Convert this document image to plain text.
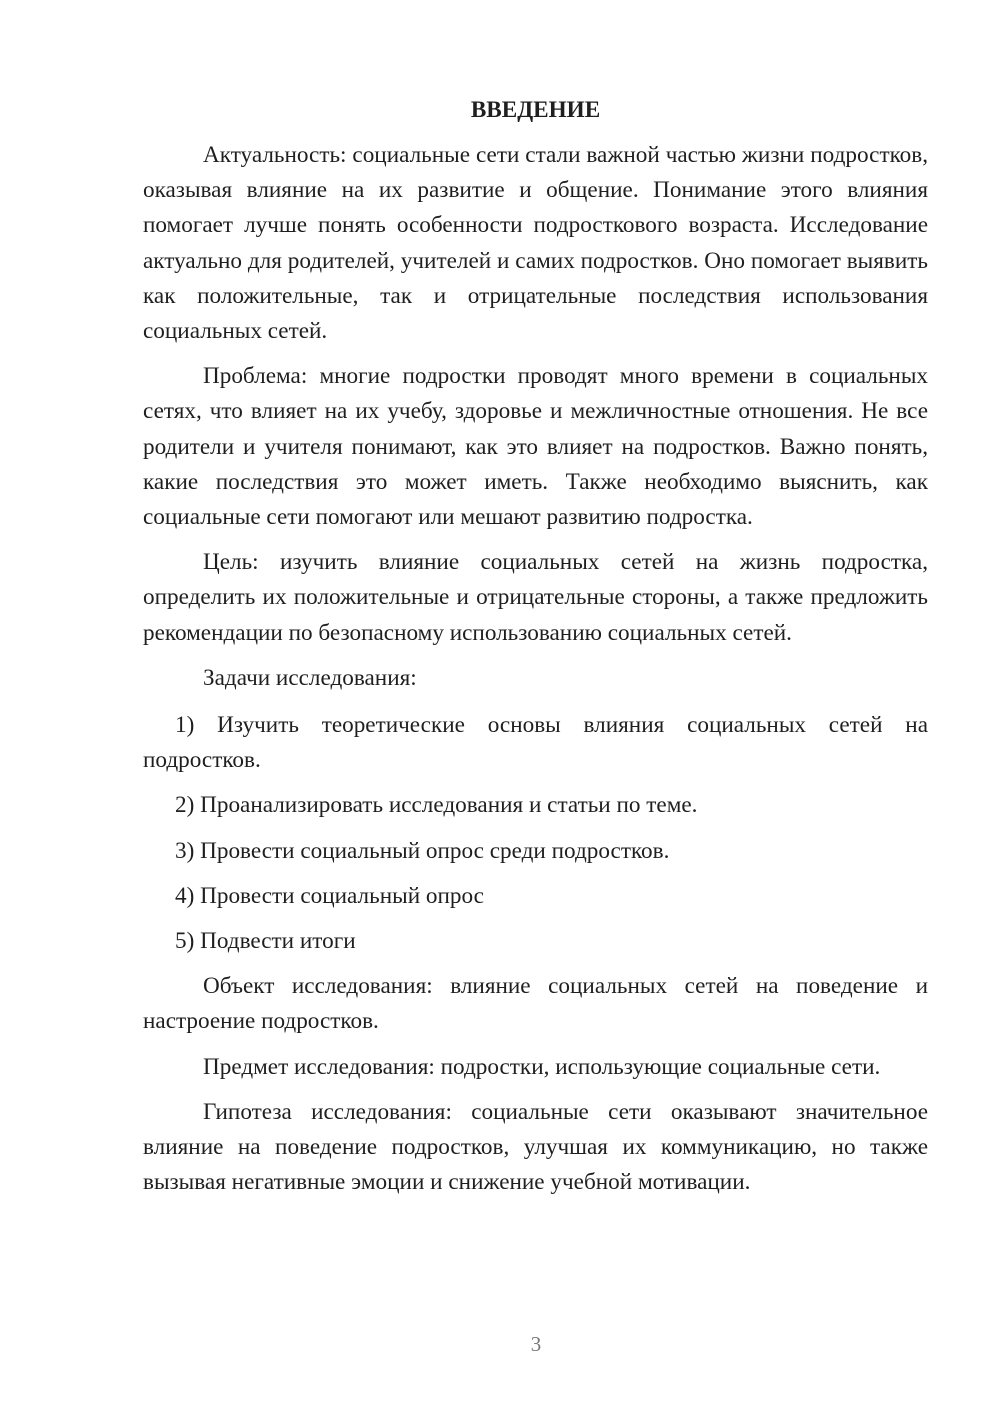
ВВЕДЕНИЕ

Актуальность: социальные сети стали важной частью жизни подростков, оказывая влияние на их развитие и общение. Понимание этого влияния помогает лучше понять особенности подросткового возраста. Исследование актуально для родителей, учителей и самих подростков. Оно помогает выявить как положительные, так и отрицательные последствия использования социальных сетей.

Проблема: многие подростки проводят много времени в социальных сетях, что влияет на их учебу, здоровье и межличностные отношения. Не все родители и учителя понимают, как это влияет на подростков. Важно понять, какие последствия это может иметь. Также необходимо выяснить, как социальные сети помогают или мешают развитию подростка.

Цель: изучить влияние социальных сетей на жизнь подростка, определить их положительные и отрицательные стороны, а также предложить рекомендации по безопасному использованию социальных сетей.

Задачи исследования:

1) Изучить теоретические основы влияния социальных сетей на подростков.

2) Проанализировать исследования и статьи по теме.

3) Провести социальный опрос среди подростков.

4) Провести социальный опрос

5) Подвести итоги

Объект исследования: влияние социальных сетей на поведение и настроение подростков.

Предмет исследования: подростки, использующие социальные сети.

Гипотеза исследования: социальные сети оказывают значительное влияние на поведение подростков, улучшая их коммуникацию, но также вызывая негативные эмоции и снижение учебной мотивации.

3
